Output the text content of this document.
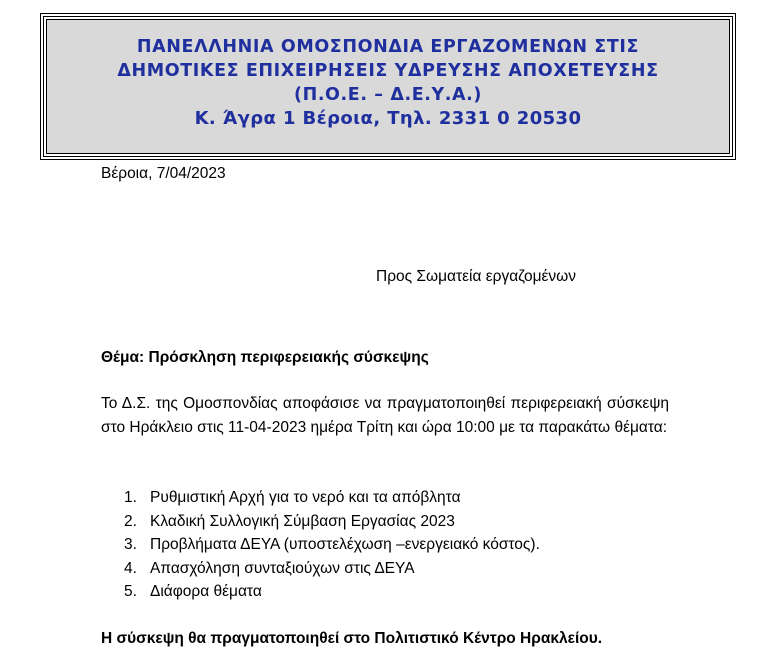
ΠΑΝΕΛΛΗΝΙΑ ΟΜΟΣΠΟΝΔΙΑ ΕΡΓΑΖΟΜΕΝΩΝ ΣΤΙΣ
ΔΗΜΟΤΙΚΕΣ ΕΠΙΧΕΙΡΗΣΕΙΣ ΥΔΡΕΥΣΗΣ ΑΠΟΧΕΤΕΥΣΗΣ
(Π.Ο.Ε. – Δ.Ε.Υ.Α.)
Κ. Άγρα 1 Βέροια, Τηλ. 2331 0 20530
Βέροια, 7/04/2023
Προς Σωματεία εργαζομένων
Θέμα: Πρόσκληση περιφερειακής σύσκεψης
Το Δ.Σ. της Ομοσπονδίας αποφάσισε να πραγματοποιηθεί περιφερειακή σύσκεψη στο Ηράκλειο στις 11-04-2023 ημέρα Τρίτη και ώρα 10:00 με τα παρακάτω θέματα:
1. Ρυθμιστική Αρχή για το νερό και τα απόβλητα
2. Κλαδική Συλλογική Σύμβαση Εργασίας 2023
3. Προβλήματα ΔΕΥΑ (υποστελέχωση –ενεργειακό κόστος).
4. Απασχόληση συνταξιούχων στις ΔΕΥΑ
5. Διάφορα θέματα
Η σύσκεψη θα πραγματοποιηθεί στο Πολιτιστικό Κέντρο Ηρακλείου.
